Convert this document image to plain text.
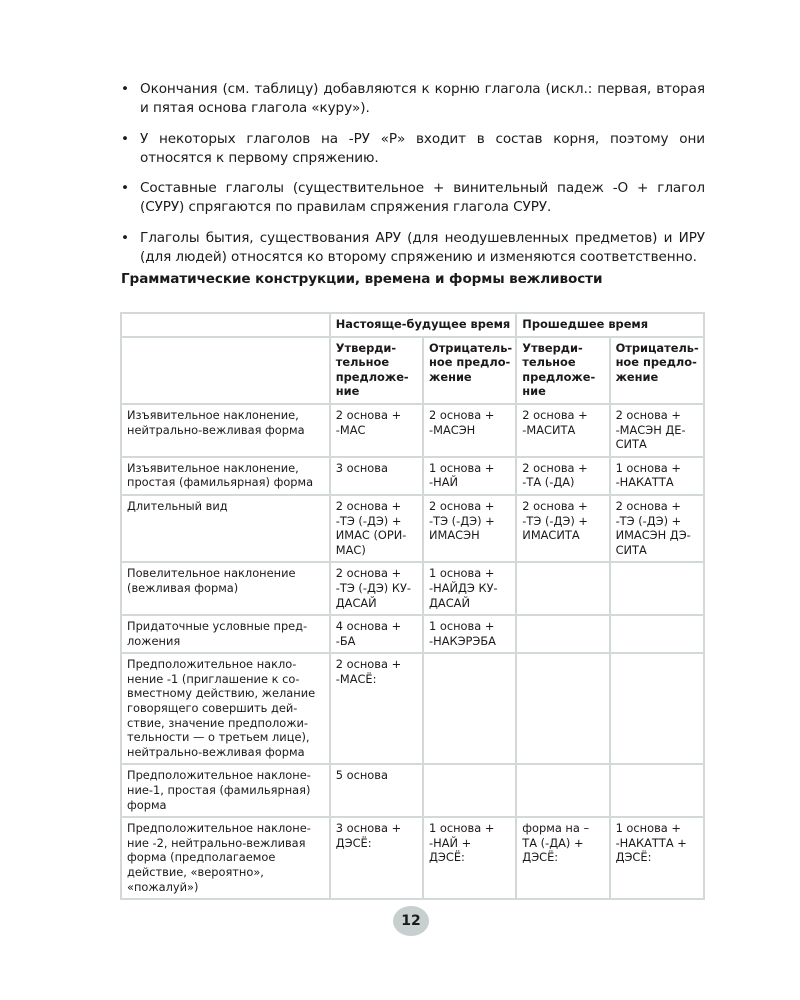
• Окончания (см. таблицу) добавляются к корню глагола (искл.: первая, вторая и пятая основа глагола «куру»).
• У некоторых глаголов на -РУ «Р» входит в состав корня, поэтому они относятся к первому спряжению.
• Составные глаголы (существительное + винительный падеж -О + глагол (СУРУ) спрягаются по правилам спряжения глагола СУРУ.
• Глаголы бытия, существования АРУ (для неодушевленных предметов) и ИРУ (для людей) относятся ко второму спряжению и изменяются соответственно.
Грамматические конструкции, времена и формы вежливости
	Настояще-будущее время		Прошедшее время	
	Утверди-тельное предложе-ние	Отрицатель-ное предло-жение	Утверди-тельное предложе-ние	Отрицатель-ное предло-жение
Изъявительное наклонение, нейтрально-вежливая форма	2 основа + -МАС	2 основа + -МАСЭН	2 основа + -МАСИТА	2 основа + -МАСЭН ДЕ-СИТА
Изъявительное наклонение, простая (фамильярная) форма	3 основа	1 основа + -НАЙ	2 основа + -ТА (-ДА)	1 основа + -НАКАТТА
Длительный вид	2 основа + -ТЭ (-ДЭ) + ИМАС (ОРИ-МАС)	2 основа + -ТЭ (-ДЭ) + ИМАСЭН	2 основа + -ТЭ (-ДЭ) + ИМАСИТА	2 основа + -ТЭ (-ДЭ) + ИМАСЭН ДЭ-СИТА
Повелительное наклонение (вежливая форма)	2 основа + -ТЭ (-ДЭ) КУ-ДАСАЙ	1 основа + -НАЙДЭ КУ-ДАСАЙ		
Придаточные условные пред-ложения	4 основа + -БА	1 основа + -НАКЭРЭБА		
Предположительное накло-нение -1 (приглашение к со-вместному действию, желание говорящего совершить дей-ствие, значение предположи-тельности — о третьем лице), нейтрально-вежливая форма	2 основа + -МАСЁ:			
Предположительное наклоне-ние-1, простая (фамильярная) форма	5 основа			
Предположительное наклоне-ние -2, нейтрально-вежливая форма (предполагаемое действие, «вероятно», «пожалуй»)	3 основа + ДЭСЁ:	1 основа + -НАЙ + ДЭСЁ:	форма на –ТА (-ДА) + ДЭСЁ:	1 основа + -НАКАТТА + ДЭСЁ:
12
